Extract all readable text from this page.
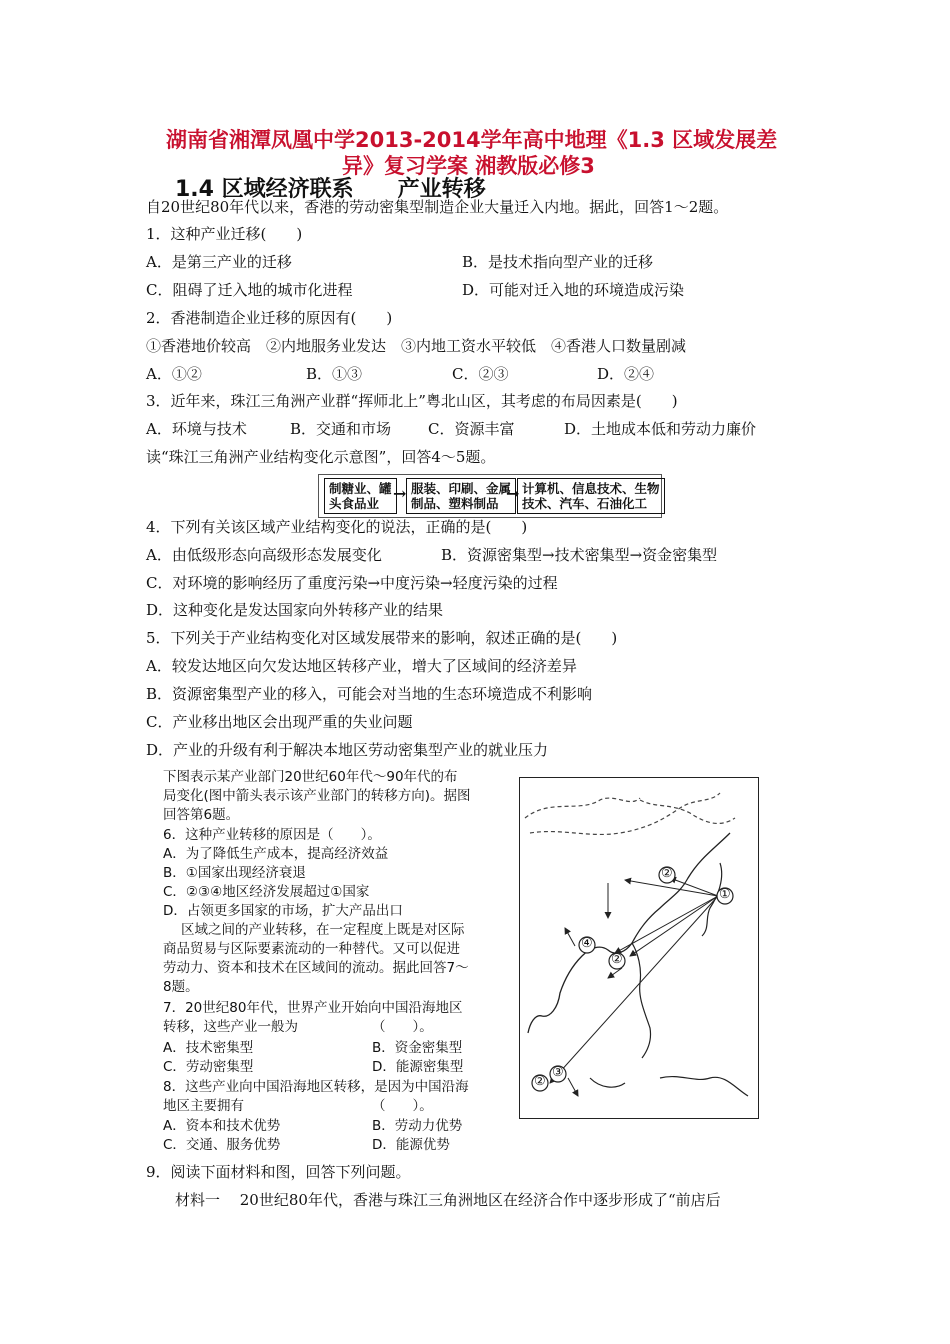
湖南省湘潭凤凰中学2013-2014学年高中地理《1.3 区域发展差
异》复习学案 湘教版必修3
1.4 区域经济联系　　产业转移
自20世纪80年代以来，香港的劳动密集型制造企业大量迁入内地。据此，回答1～2题。
1．这种产业迁移(　　)
A．是第三产业的迁移	B．是技术指向型产业的迁移
C．阻碍了迁入地的城市化进程	D．可能对迁入地的环境造成污染
2．香港制造企业迁移的原因有(　　)
①香港地价较高　②内地服务业发达　③内地工资水平较低　④香港人口数量剧减
A．①②	B．①③	C．②③	D．②④
3．近年来，珠江三角洲产业群“挥师北上”粤北山区，其考虑的布局因素是(　　)
A．环境与技术	B．交通和市场 C．资源丰富	D．土地成本低和劳动力廉价
读“珠江三角洲产业结构变化示意图”，回答4～5题。
制糖业、罐
头食品业
→ 服装、印刷、金属
制品、塑料制品
→ 计算机、信息技术、生物
技术、汽车、石油化工
4．下列有关该区域产业结构变化的说法，正确的是(　　)
A．由低级形态向高级形态发展变化	B．资源密集型→技术密集型→资金密集型
C．对环境的影响经历了重度污染→中度污染→轻度污染的过程
D．这种变化是发达国家向外转移产业的结果
5．下列关于产业结构变化对区域发展带来的影响，叙述正确的是(　　)
A．较发达地区向欠发达地区转移产业，增大了区域间的经济差异
B．资源密集型产业的移入，可能会对当地的生态环境造成不利影响
C．产业移出地区会出现严重的失业问题
D．产业的升级有利于解决本地区劳动密集型产业的就业压力
下图表示某产业部门20世纪60年代～90年代的布
局变化(图中箭头表示该产业部门的转移方向)。据图
回答第6题。
6．这种产业转移的原因是（　　）。
A．为了降低生产成本，提高经济效益
B．①国家出现经济衰退
C．②③④地区经济发展超过①国家
D．占领更多国家的市场，扩大产品出口
区域之间的产业转移，在一定程度上既是对区际
商品贸易与区际要素流动的一种替代。又可以促进
劳动力、资本和技术在区域间的流动。据此回答7～
8题。
7．20世纪80年代，世界产业开始向中国沿海地区
转移，这些产业一般为	（　　）。
A．技术密集型	B．资金密集型
C．劳动密集型	D．能源密集型
8．这些产业向中国沿海地区转移，是因为中国沿海
地区主要拥有	（　　）。
A．资本和技术优势	B．劳动力优势
C．交通、服务优势	D．能源优势
①
②
②
④
③
②
9．阅读下面材料和图，回答下列问题。
材料一　 20世纪80年代，香港与珠江三角洲地区在经济合作中逐步形成了“前店后
